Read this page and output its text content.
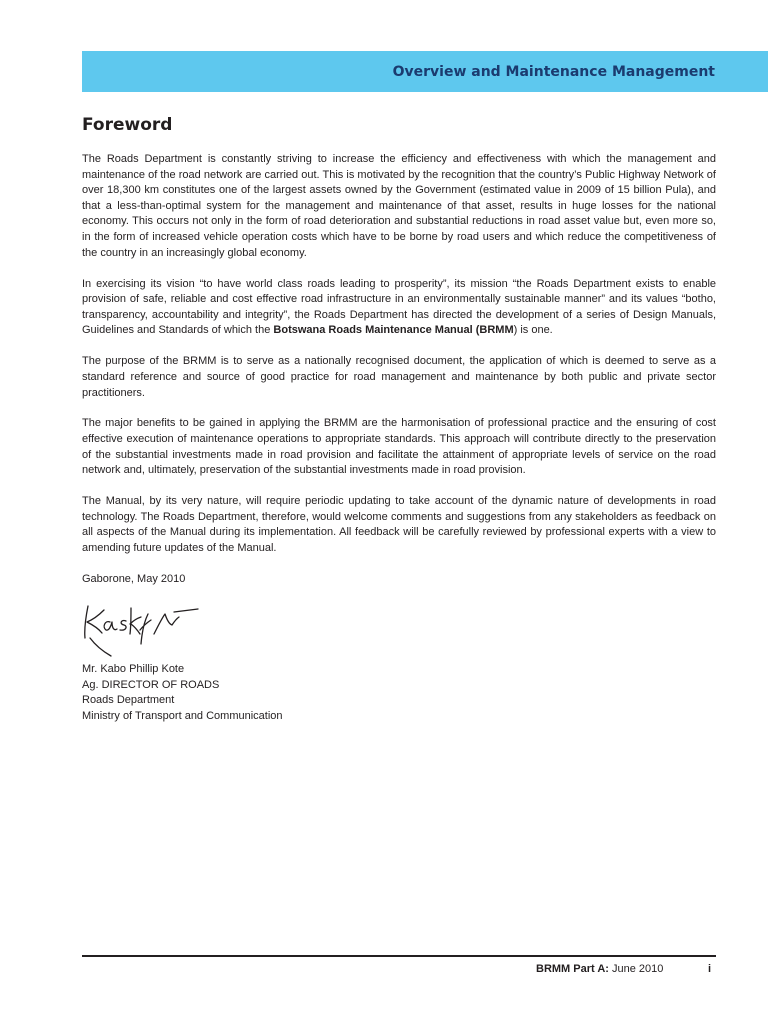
Overview and Maintenance Management
Foreword

The Roads Department is constantly striving to increase the efficiency and effectiveness with which the management and maintenance of the road network are carried out. This is motivated by the recognition that the country’s Public Highway Network of over 18,300 km constitutes one of the largest assets owned by the Government (estimated value in 2009 of 15 billion Pula), and that a less-than-optimal system for the management and maintenance of that asset, results in huge losses for the national economy. This occurs not only in the form of road deterioration and substantial reductions in road asset value but, even more so, in the form of increased vehicle operation costs which have to be borne by road users and which reduce the competitiveness of the country in an increasingly global economy.

In exercising its vision “to have world class roads leading to prosperity”, its mission “the Roads Department exists to enable provision of safe, reliable and cost effective road infrastructure in an environmentally sustainable manner” and its values “botho, transparency, accountability and integrity”, the Roads Department has directed the development of a series of Design Manuals, Guidelines and Standards of which the Botswana Roads Maintenance Manual (BRMM) is one.

The purpose of the BRMM is to serve as a nationally recognised document, the application of which is deemed to serve as a standard reference and source of good practice for road management and maintenance by both public and private sector practitioners.

The major benefits to be gained in applying the BRMM are the harmonisation of professional practice and the ensuring of cost effective execution of maintenance operations to appropriate standards. This approach will contribute directly to the preservation of the substantial investments made in road provision and facilitate the attainment of appropriate levels of service on the road network and, ultimately, preservation of the substantial investments made in road provision.

The Manual, by its very nature, will require periodic updating to take account of the dynamic nature of developments in road technology. The Roads Department, therefore, would welcome comments and suggestions from any stakeholders as feedback on all aspects of the Manual during its implementation. All feedback will be carefully reviewed by professional experts with a view to amending future updates of the Manual.

Gaborone, May 2010

Mr. Kabo Phillip Kote
Ag. DIRECTOR OF ROADS
Roads Department
Ministry of Transport and Communication
BRMM Part A: June 2010	i
